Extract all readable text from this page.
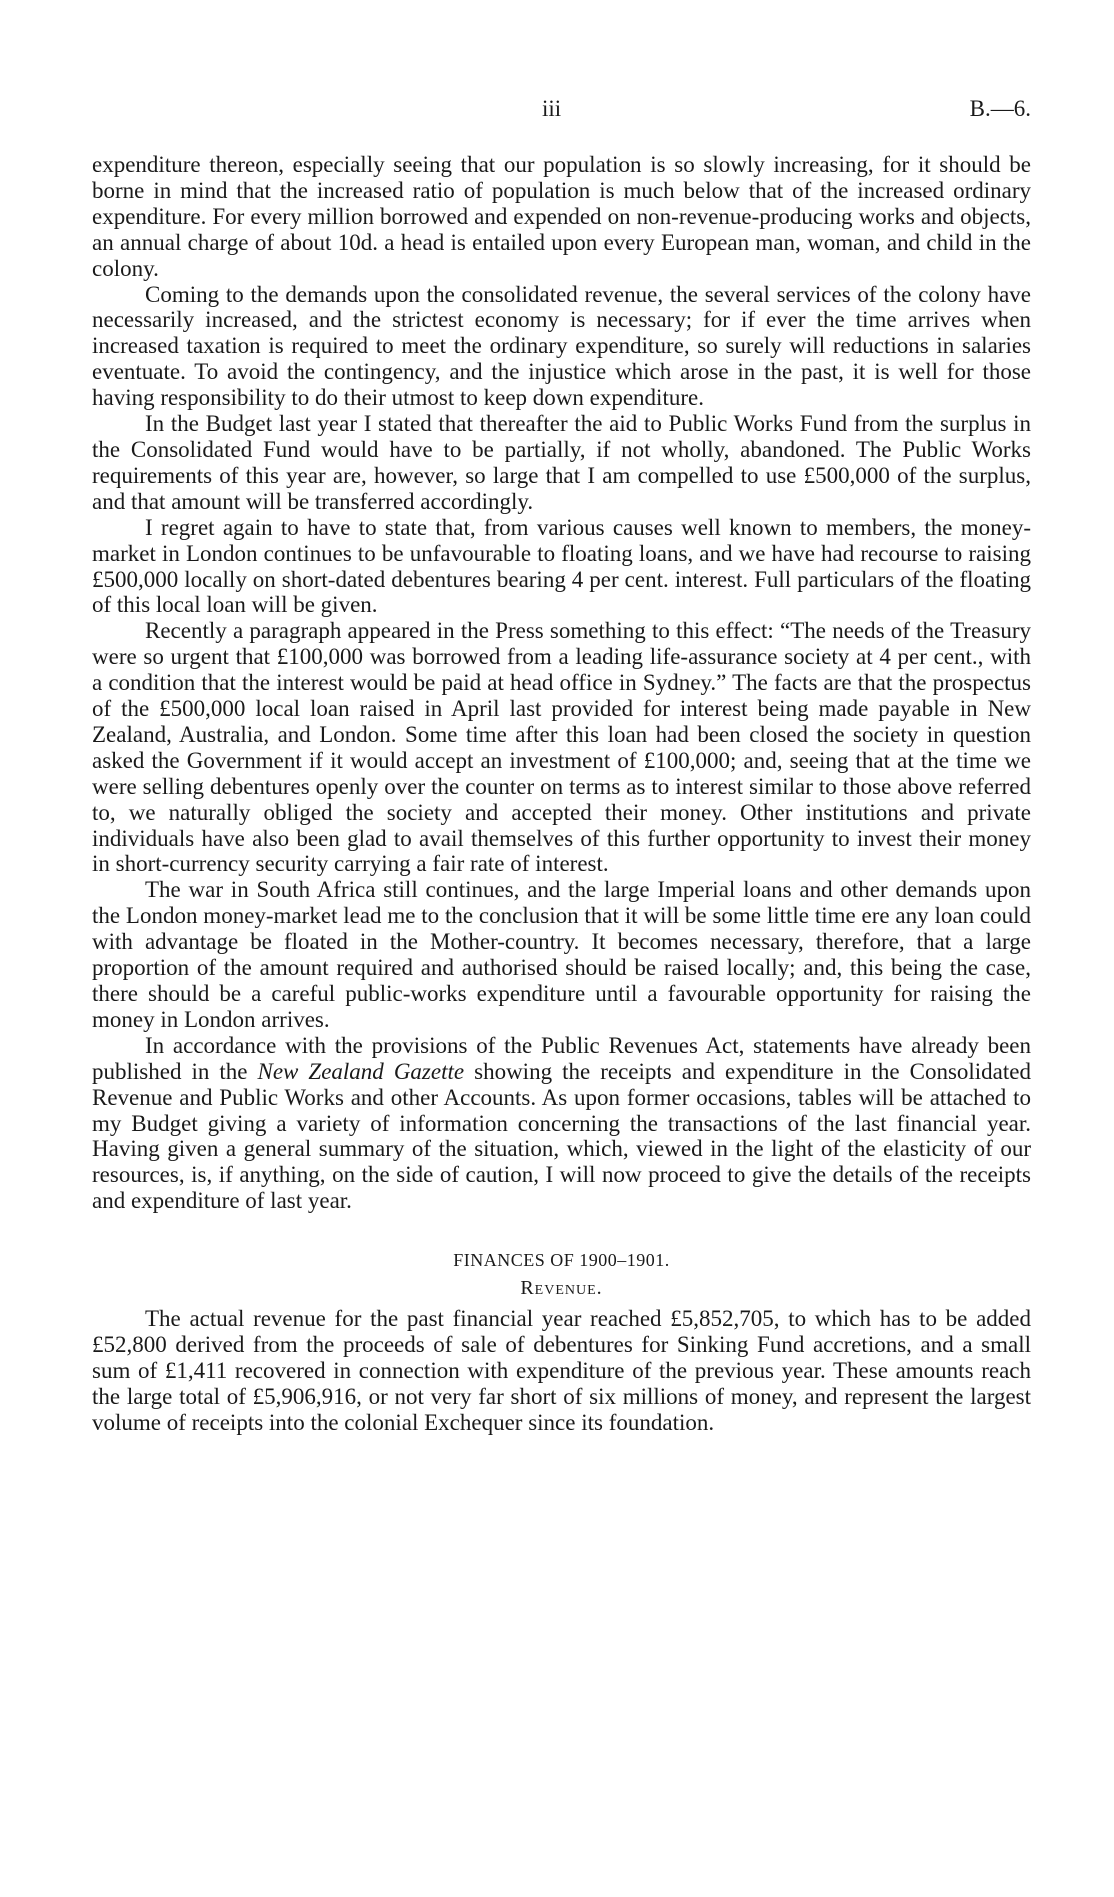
iii	B.—6.

expenditure thereon, especially seeing that our population is so slowly increasing, for it should be borne in mind that the increased ratio of population is much below that of the increased ordinary expenditure. For every million borrowed and expended on non-revenue-producing works and objects, an annual charge of about 10d. a head is entailed upon every European man, woman, and child in the colony.

Coming to the demands upon the consolidated revenue, the several services of the colony have necessarily increased, and the strictest economy is necessary; for if ever the time arrives when increased taxation is required to meet the ordinary expenditure, so surely will reductions in salaries eventuate. To avoid the contingency, and the injustice which arose in the past, it is well for those having responsibility to do their utmost to keep down expenditure.

In the Budget last year I stated that thereafter the aid to Public Works Fund from the surplus in the Consolidated Fund would have to be partially, if not wholly, abandoned. The Public Works requirements of this year are, however, so large that I am compelled to use £500,000 of the surplus, and that amount will be transferred accordingly.

I regret again to have to state that, from various causes well known to members, the money-market in London continues to be unfavourable to floating loans, and we have had recourse to raising £500,000 locally on short-dated debentures bearing 4 per cent. interest. Full particulars of the floating of this local loan will be given.

Recently a paragraph appeared in the Press something to this effect: “The needs of the Treasury were so urgent that £100,000 was borrowed from a leading life-assurance society at 4 per cent., with a condition that the interest would be paid at head office in Sydney.” The facts are that the prospectus of the £500,000 local loan raised in April last provided for interest being made payable in New Zealand, Australia, and London. Some time after this loan had been closed the society in question asked the Government if it would accept an investment of £100,000; and, seeing that at the time we were selling debentures openly over the counter on terms as to interest similar to those above referred to, we naturally obliged the society and accepted their money. Other institutions and private individuals have also been glad to avail themselves of this further opportunity to invest their money in short-currency security carrying a fair rate of interest.

The war in South Africa still continues, and the large Imperial loans and other demands upon the London money-market lead me to the conclusion that it will be some little time ere any loan could with advantage be floated in the Mother-country. It becomes necessary, therefore, that a large proportion of the amount required and authorised should be raised locally; and, this being the case, there should be a careful public-works expenditure until a favourable opportunity for raising the money in London arrives.

In accordance with the provisions of the Public Revenues Act, statements have already been published in the New Zealand Gazette showing the receipts and expenditure in the Consolidated Revenue and Public Works and other Accounts. As upon former occasions, tables will be attached to my Budget giving a variety of information concerning the transactions of the last financial year. Having given a general summary of the situation, which, viewed in the light of the elasticity of our resources, is, if anything, on the side of caution, I will now proceed to give the details of the receipts and expenditure of last year.

FINANCES OF 1900–1901.
Revenue.

The actual revenue for the past financial year reached £5,852,705, to which has to be added £52,800 derived from the proceeds of sale of debentures for Sinking Fund accretions, and a small sum of £1,411 recovered in connection with expenditure of the previous year. These amounts reach the large total of £5,906,916, or not very far short of six millions of money, and represent the largest volume of receipts into the colonial Exchequer since its foundation.
